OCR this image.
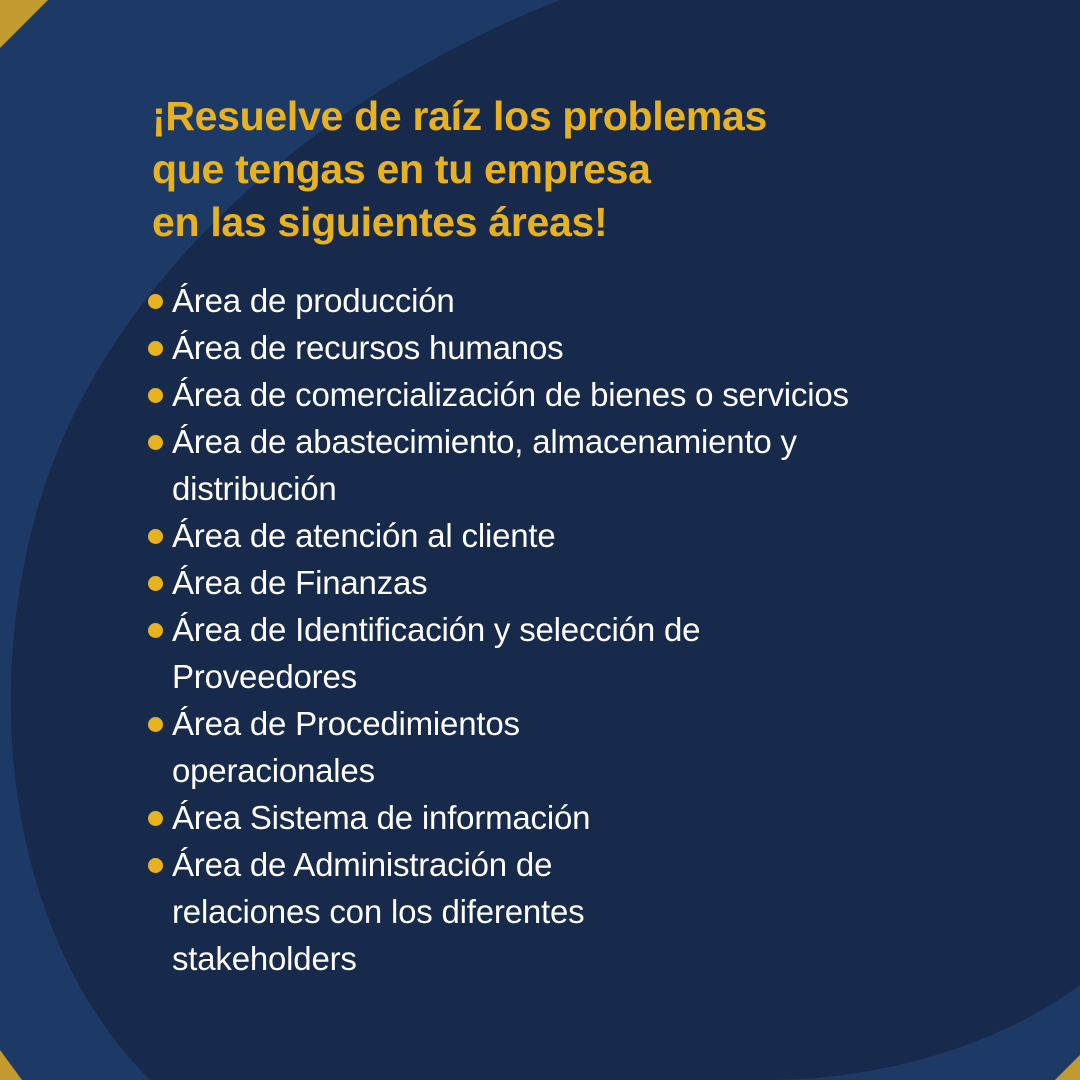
¡Resuelve de raíz los problemas
que tengas en tu empresa
en las siguientes áreas!
Área de producción
Área de recursos humanos
Área de comercialización de bienes o servicios
Área de abastecimiento, almacenamiento y
distribución
Área de atención al cliente
Área de Finanzas
Área de Identificación y selección de
Proveedores
Área de Procedimientos
operacionales
Área Sistema de información
Área de Administración de
relaciones con los diferentes
stakeholders
